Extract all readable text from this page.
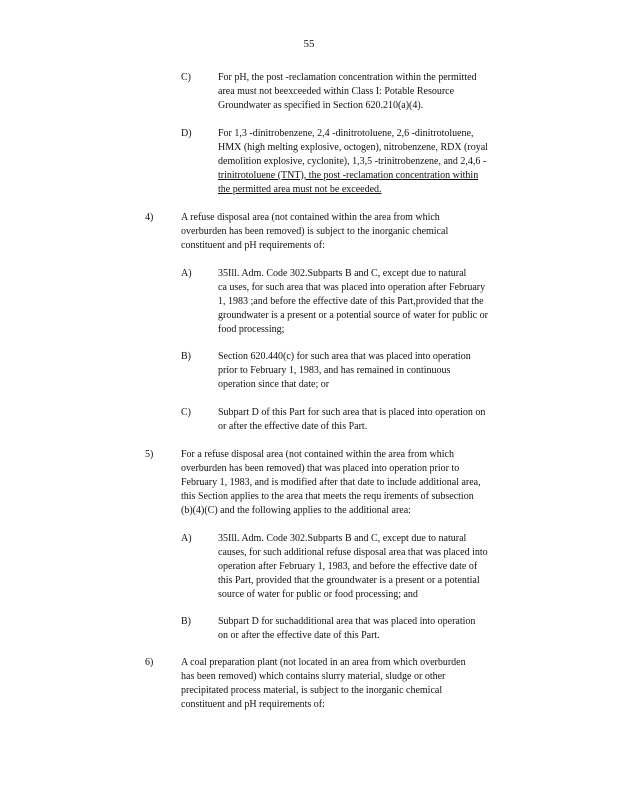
55
C)	For pH, the post -reclamation concentration within the permitted

area must not beexceeded within Class I: Potable Resource

Groundwater as specified in Section 620.210(a)(4).

D)	For 1,3 -dinitrobenzene, 2,4 -dinitrotoluene, 2,6 -dinitrotoluene,

HMX (high melting explosive, octogen), nitrobenzene, RDX (royal

demolition explosive, cyclonite), 1,3,5 -trinitrobenzene, and 2,4,6 -

trinitrotoluene (TNT), the post -reclamation concentration within

the permitted area must not be exceeded.

4)	A refuse disposal area (not contained within the area from which

overburden has been removed) is subject to the inorganic chemical

constituent and pH requirements of:

A)	35Ill. Adm. Code 302.Subparts B and C, except due to natural

ca uses, for such area that was placed into operation after February

1, 1983 ;and before the effective date of this Part,provided that the

groundwater is a present or a potential source of water for public or

food processing;

B)	Section 620.440(c) for such area that was placed into operation

prior to February 1, 1983, and has remained in continuous

operation since that date; or

C)	Subpart D of this Part for such area that is placed into operation on

or after the effective date of this Part.

5)	For a refuse disposal area (not contained within the area from which

overburden has been removed) that was placed into operation prior to

February 1, 1983, and is modified after that date to include additional area,

this Section applies to the area that meets the requ irements of subsection

(b)(4)(C) and the following applies to the additional area:

A)	35Ill. Adm. Code 302.Subparts B and C, except due to natural

causes, for such additional refuse disposal area that was placed into

operation after February 1, 1983, and before the effective date of

this Part, provided that the groundwater is a present or a potential

source of water for public or food processing; and

B)	Subpart D for suchadditional area that was placed into operation

on or after the effective date of this Part.

6)	A coal preparation plant (not located in an area from which overburden

has been removed) which contains slurry material, sludge or other

precipitated process material, is subject to the inorganic chemical

constituent and pH requirements of:
